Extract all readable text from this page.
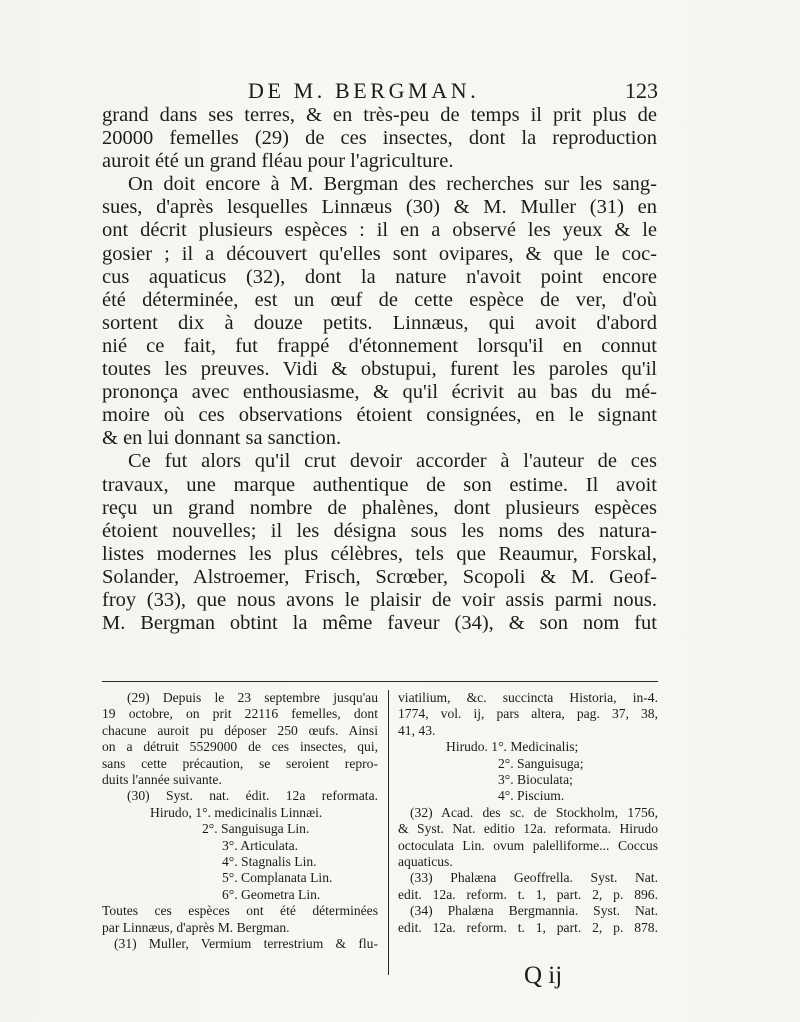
DE M. BERGMAN.	123
grand dans ses terres, & en très-peu de temps il prit plus de
20000 femelles (29) de ces insectes, dont la reproduction
auroit été un grand fléau pour l'agriculture.
On doit encore à M. Bergman des recherches sur les sang-
sues, d'après lesquelles Linnæus (30) & M. Muller (31) en
ont décrit plusieurs espèces : il en a observé les yeux & le
gosier ; il a découvert qu'elles sont ovipares, & que le coc-
cus aquaticus (32), dont la nature n'avoit point encore
été déterminée, est un œuf de cette espèce de ver, d'où
sortent dix à douze petits. Linnæus, qui avoit d'abord
nié ce fait, fut frappé d'étonnement lorsqu'il en connut
toutes les preuves. Vidi & obstupui, furent les paroles qu'il
prononça avec enthousiasme, & qu'il écrivit au bas du mé-
moire où ces observations étoient consignées, en le signant
& en lui donnant sa sanction.
Ce fut alors qu'il crut devoir accorder à l'auteur de ces
travaux, une marque authentique de son estime. Il avoit
reçu un grand nombre de phalènes, dont plusieurs espèces
étoient nouvelles; il les désigna sous les noms des natura-
listes modernes les plus célèbres, tels que Reaumur, Forskal,
Solander, Alstroemer, Frisch, Scrœber, Scopoli & M. Geof-
froy (33), que nous avons le plaisir de voir assis parmi nous.
M. Bergman obtint la même faveur (34), & son nom fut
(29) Depuis le 23 septembre jusqu'au
19 octobre, on prit 22116 femelles, dont
chacune auroit pu déposer 250 œufs. Ainsi
on a détruit 5529000 de ces insectes, qui,
sans cette précaution, se seroient repro-
duits l'année suivante.
(30) Syst. nat. édit. 12a reformata.
Hirudo, 1°. medicinalis Linnæi.
2°. Sanguisuga Lin.
3°. Articulata.
4°. Stagnalis Lin.
5°. Complanata Lin.
6°. Geometra Lin.
Toutes ces espèces ont été déterminées
par Linnæus, d'après M. Bergman.
(31) Muller, Vermium terrestrium & flu-
viatilium, &c. succincta Historia, in-4.
1774, vol. ij, pars altera, pag. 37, 38,
41, 43.
Hirudo. 1°. Medicinalis;
2°. Sanguisuga;
3°. Bioculata;
4°. Piscium.
(32) Acad. des sc. de Stockholm, 1756,
& Syst. Nat. editio 12a. reformata. Hirudo
octoculata Lin. ovum palelliforme... Coccus
aquaticus.
(33) Phalæna Geoffrella. Syst. Nat.
edit. 12a. reform. t. 1, part. 2, p. 896.
(34) Phalæna Bergmannia. Syst. Nat.
edit. 12a. reform. t. 1, part. 2, p. 878.
Q ij
